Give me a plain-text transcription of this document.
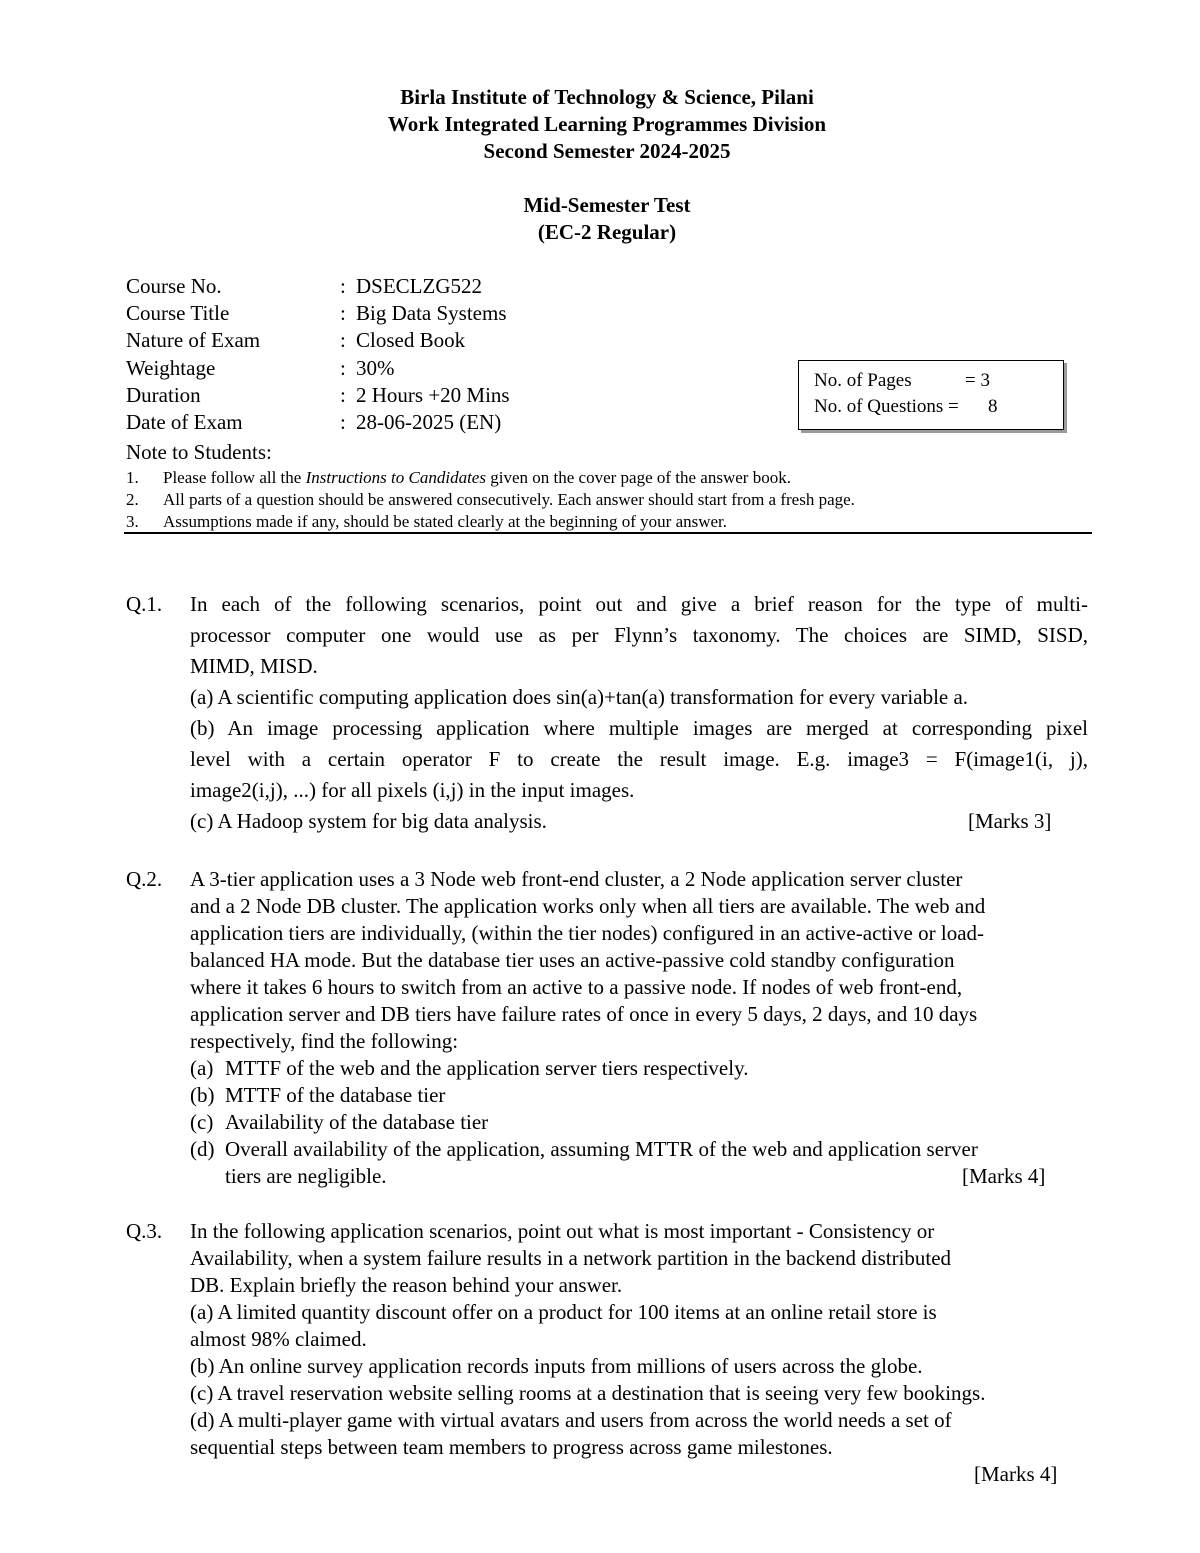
Birla Institute of Technology & Science, Pilani
Work Integrated Learning Programmes Division
Second Semester 2024-2025
Mid-Semester Test
(EC-2 Regular)
Course No.	: DSECLZG522
Course Title	: Big Data Systems
Nature of Exam	: Closed Book
Weightage	: 30%
Duration	: 2 Hours +20 Mins
Date of Exam	: 28-06-2025 (EN)
No. of Pages	= 3
No. of Questions = 8
Note to Students:
1. Please follow all the Instructions to Candidates given on the cover page of the answer book.
2. All parts of a question should be answered consecutively. Each answer should start from a fresh page.
3. Assumptions made if any, should be stated clearly at the beginning of your answer.
Q.1. In each of the following scenarios, point out and give a brief reason for the type of multi-
processor computer one would use as per Flynn’s taxonomy. The choices are SIMD, SISD,
MIMD, MISD.
(a) A scientific computing application does sin(a)+tan(a) transformation for every variable a.
(b) An image processing application where multiple images are merged at corresponding pixel
level with a certain operator F to create the result image. E.g. image3 = F(image1(i, j),
image2(i,j), ...) for all pixels (i,j) in the input images.
(c) A Hadoop system for big data analysis.	[Marks 3]
Q.2. A 3-tier application uses a 3 Node web front-end cluster, a 2 Node application server cluster
and a 2 Node DB cluster. The application works only when all tiers are available. The web and
application tiers are individually, (within the tier nodes) configured in an active-active or load-
balanced HA mode. But the database tier uses an active-passive cold standby configuration
where it takes 6 hours to switch from an active to a passive node. If nodes of web front-end,
application server and DB tiers have failure rates of once in every 5 days, 2 days, and 10 days
respectively, find the following:
(a) MTTF of the web and the application server tiers respectively.
(b) MTTF of the database tier
(c) Availability of the database tier
(d) Overall availability of the application, assuming MTTR of the web and application server
tiers are negligible.	[Marks 4]
Q.3. In the following application scenarios, point out what is most important - Consistency or
Availability, when a system failure results in a network partition in the backend distributed
DB. Explain briefly the reason behind your answer.
(a) A limited quantity discount offer on a product for 100 items at an online retail store is
almost 98% claimed.
(b) An online survey application records inputs from millions of users across the globe.
(c) A travel reservation website selling rooms at a destination that is seeing very few bookings.
(d) A multi-player game with virtual avatars and users from across the world needs a set of
sequential steps between team members to progress across game milestones.
[Marks 4]
